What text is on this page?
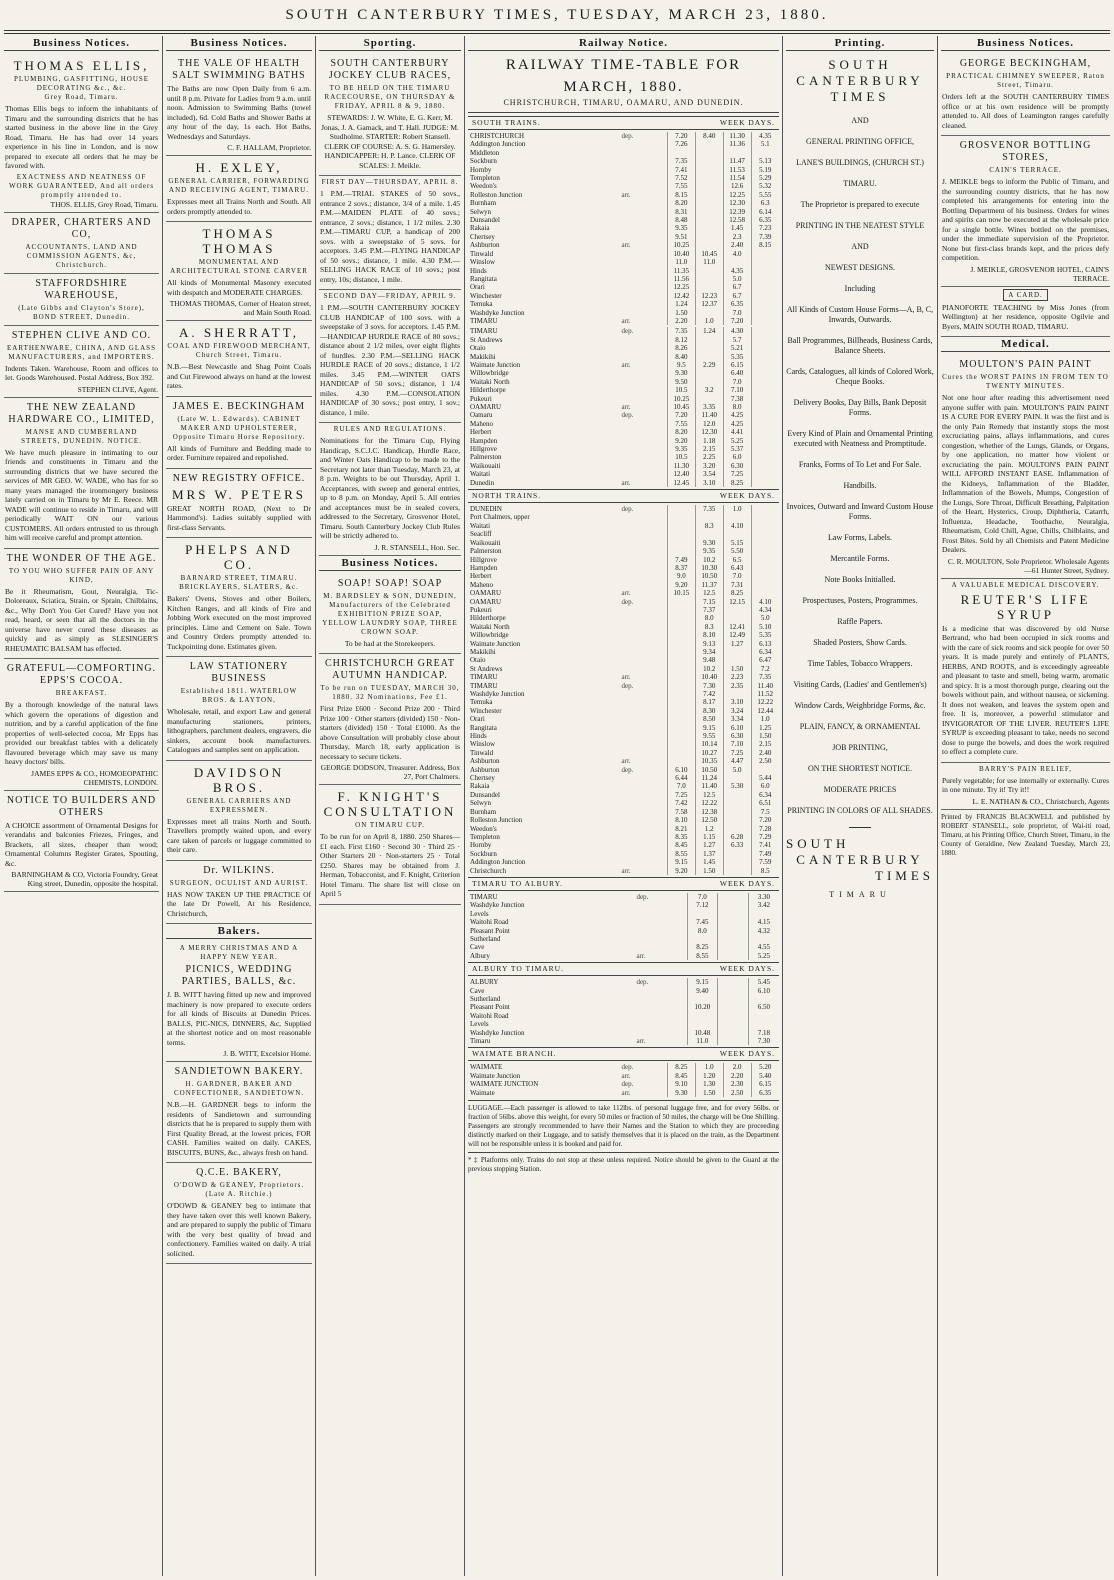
SOUTH CANTERBURY TIMES, TUESDAY, MARCH 23, 1880.
Business Notices.
THOMAS ELLIS,
PLUMBING, GASFITTING, HOUSE DECORATING &c., &c.
Grey Road, Timaru.
Thomas Ellis begs to inform the inhabitants of Timaru and the surrounding districts that he has started business in the above line in the Grey Road, Timaru. He has had over 14 years experience in his line in London, and is now prepared to execute all orders that he may be favored with.
EXACTNESS AND NEATNESS OF WORK GUARANTEED, And all orders promptly attended to.
THOS. ELLIS, Grey Road, Timaru.
DRAPER, CHARTERS AND CO,
ACCOUNTANTS, LAND AND COMMISSION AGENTS, &c, Christchurch.
STAFFORDSHIRE WAREHOUSE,
(Late Gibbs and Clayton's Store), BOND STREET, Dunedin.
STEPHEN CLIVE AND CO.
EARTHENWARE, CHINA, AND GLASS MANUFACTURERS, and IMPORTERS.
Indents Taken. Warehouse, Room and offices to let. Goods Warehoused. Postal Address, Box 392.
STEPHEN CLIVE, Agent.
THE NEW ZEALAND HARDWARE CO., LIMITED,
MANSE AND CUMBERLAND STREETS, DUNEDIN. NOTICE.
We have much pleasure in intimating to our friends and constituents in Timaru and the surrounding districts that we have secured the services of MR GEO. W. WADE, who has for so many years managed the ironmongery business lately carried on in Timaru by Mr E. Reece. MR WADE will continue to reside in Timaru, and will periodically WAIT ON our various CUSTOMERS. All orders entrusted to us through him will receive careful and prompt attention.
THE WONDER OF THE AGE.
TO YOU WHO SUFFER PAIN OF ANY KIND,
Be it Rheumatism, Gout, Neuralgia, Tic-Doloreaux, Sciatica, Strain, or Sprain, Chilblains, &c., Why Don't You Get Cured? Have you not read, heard, or seen that all the doctors in the universe have never cured these diseases as quickly and as simply as SLESINGER'S RHEUMATIC BALSAM has effected.
GRATEFUL—COMFORTING. EPPS'S COCOA.
BREAKFAST.
By a thorough knowledge of the natural laws which govern the operations of digestion and nutrition, and by a careful application of the fine properties of well-selected cocoa, Mr Epps has provided our breakfast tables with a delicately flavoured beverage which may save us many heavy doctors' bills.
JAMES EPPS & CO., HOMOEOPATHIC CHEMISTS, LONDON.
NOTICE TO BUILDERS AND OTHERS
A CHOICE assortment of Ornamental Designs for verandahs and balconies Friezes, Fringes, and Brackets, all sizes, cheaper than wood; Ornamental Columns Register Grates, Spouting, &c.
BARNINGHAM & CO, Victoria Foundry, Great King street, Dunedin, opposite the hospital.
Business Notices.
THE VALE OF HEALTH SALT SWIMMING BATHS
The Baths are now Open Daily from 6 a.m. until 8 p.m. Private for Ladies from 9 a.m. until noon. Admission to Swimming Baths (towel included), 6d. Cold Baths and Shower Baths at any hour of the day, 1s each. Hot Baths, Wednesdays and Saturdays.
C. F. HALLAM, Proprietor.
H. EXLEY,
GENERAL CARRIER, FORWARDING AND RECEIVING AGENT, TIMARU.
Expresses meet all Trains North and South. All orders promptly attended to.
THOMAS THOMAS
MONUMENTAL AND ARCHITECTURAL STONE CARVER
All kinds of Monumental Masonry executed with despatch and MODERATE CHARGES.
THOMAS THOMAS, Corner of Heaton street, and Main South Road.
A. SHERRATT,
COAL AND FIREWOOD MERCHANT, Church Street, Timaru.
N.B.—Best Newcastle and Shag Point Coals and Cut Firewood always on hand at the lowest rates.
JAMES E. BECKINGHAM
(Late W. L. Edwards). CABINET MAKER AND UPHOLSTERER, Opposite Timaru Horse Repository.
All kinds of Furniture and Bedding made to order. Furniture repaired and repolished.
NEW REGISTRY OFFICE.
MRS W. PETERS
GREAT NORTH ROAD, (Next to Dr Hammond's). Ladies suitably supplied with first-class Servants.
PHELPS AND CO.
BARNARD STREET, TIMARU. BRICKLAYERS, SLATERS, &c.
Bakers' Ovens, Stoves and other Boilers, Kitchen Ranges, and all kinds of Fire and Jobbing Work executed on the most improved principles. Lime and Cement on Sale. Town and Country Orders promptly attended to. Tuckpointing done. Estimates given.
LAW STATIONERY BUSINESS
Established 1811. WATERLOW BROS. & LAYTON,
Wholesale, retail, and export Law and general manufacturing stationers, printers, lithographers, parchment dealers, engravers, die sinkers, account book manufacturers. Catalogues and samples sent on application.
DAVIDSON BROS.
GENERAL CARRIERS AND EXPRESSMEN.
Expresses meet all trains North and South. Travellers promptly waited upon, and every care taken of parcels or luggage committed to their care.
Dr. WILKINS.
SURGEON, OCULIST AND AURIST.
HAS NOW TAKEN UP THE PRACTICE Of the late Dr Powell, At his Residence, Christchurch,
Bakers.
A MERRY CHRISTMAS AND A HAPPY NEW YEAR.
PICNICS, WEDDING PARTIES, BALLS, &c.
J. B. WITT having fitted up new and improved machinery is now prepared to execute orders for all kinds of Biscuits at Dunedin Prices. BALLS, PIC-NICS, DINNERS, &c, Supplied at the shortest notice and on most reasonable terms.
J. B. WITT, Excelsior Home.
SANDIETOWN BAKERY.
H. GARDNER, BAKER AND CONFECTIONER, SANDIETOWN.
N.B.—H. GARDNER begs to inform the residents of Sandietown and surrounding districts that he is prepared to supply them with First Quality Bread, at the lowest prices, FOR CASH. Families waited on daily. CAKES, BISCUITS, BUNS, &c., always fresh on hand.
Q.C.E. BAKERY,
O'DOWD & GEANEY, Proprietors. (Late A. Ritchie.)
O'DOWD & GEANEY beg to intimate that they have taken over this well known Bakery, and are prepared to supply the public of Timaru with the very best quality of bread and confectionery. Families waited on daily. A trial solicited.
Sporting.
SOUTH CANTERBURY JOCKEY CLUB RACES,
TO BE HELD ON THE TIMARU RACECOURSE, ON THURSDAY & FRIDAY, APRIL 8 & 9, 1880.
STEWARDS: J. W. White, E. G. Kerr, M. Jonas, J. A. Gamack, and T. Hall. JUDGE: M. Studholme. STARTER: Robert Stansell. CLERK OF COURSE: A. S. G. Hamersley. HANDICAPPER: H. P. Lance. CLERK OF SCALES: J. Meikle.
FIRST DAY—THURSDAY, APRIL 8.
1 P.M.—TRIAL STAKES of 50 sovs., entrance 2 sovs.; distance, 3/4 of a mile. 1.45 P.M.—MAIDEN PLATE of 40 sovs.; entrance, 2 sovs.; distance, 1 1/2 miles. 2.30 P.M.—TIMARU CUP, a handicap of 200 sovs. with a sweepstake of 5 sovs. for acceptors. 3.45 P.M.—FLYING HANDICAP of 50 sovs.; distance, 1 mile. 4.30 P.M.—SELLING HACK RACE of 10 sovs.; post entry, 10s; distance, 1 mile.
SECOND DAY—FRIDAY, APRIL 9.
1 P.M.—SOUTH CANTERBURY JOCKEY CLUB HANDICAP of 100 sovs. with a sweepstake of 3 sovs. for acceptors. 1.45 P.M.—HANDICAP HURDLE RACE of 80 sovs.; distance about 2 1/2 miles, over eight flights of hurdles. 2.30 P.M.—SELLING HACK HURDLE RACE of 20 sovs.; distance, 1 1/2 miles. 3.45 P.M.—WINTER OATS HANDICAP of 50 sovs.; distance, 1 1/4 miles. 4.30 P.M.—CONSOLATION HANDICAP of 30 sovs.; post entry, 1 sov.; distance, 1 mile.
RULES AND REGULATIONS.
Nominations for the Timaru Cup, Flying Handicap, S.C.J.C. Handicap, Hurdle Race, and Winter Oats Handicap to be made to the Secretary not later than Tuesday, March 23, at 8 p.m. Weights to be out Thursday, April 1. Acceptances, with sweep and general entries, up to 8 p.m. on Monday, April 5. All entries and acceptances must be in sealed covers, addressed to the Secretary, Grosvenor Hotel, Timaru. South Canterbury Jockey Club Rules will be strictly adhered to.
J. R. STANSELL, Hon. Sec.
Business Notices.
SOAP! SOAP! SOAP
M. BARDSLEY & SON, DUNEDIN, Manufacturers of the Celebrated EXHIBITION PRIZE SOAP, YELLOW LAUNDRY SOAP, THREE CROWN SOAP.
To be had at the Storekeepers.
CHRISTCHURCH GREAT AUTUMN HANDICAP.
To be run on TUESDAY, MARCH 30, 1880. 32 Nominations, Fee £1.
First Prize £600 · Second Prize 200 · Third Prize 100 · Other starters (divided) 150 · Non-starters (divided) 150 · Total £1000. As the above Consultation will probably close about Thursday, March 18, early application is necessary to secure tickets.
GEORGE DODSON, Treasurer. Address, Box 27, Port Chalmers.
F. KNIGHT'S CONSULTATION
ON TIMARU CUP.
To be run for on April 8, 1880. 250 Shares—£1 each. First £160 · Second 30 · Third 25 · Other Starters 20 · Non-starters 25 · Total £250. Shares may be obtained from J. Herman, Tobacconist, and F. Knight, Criterion Hotel Timaru. The share list will close on April 5
Railway Notice.
RAILWAY TIME-TABLE FOR MARCH, 1880.
CHRISTCHURCH, TIMARU, OAMARU, AND DUNEDIN.
SOUTH TRAINS.	WEEK DAYS.
CHRISTCHURCH	dep.	7.20	8.40	11.30	4.35
Addington Junction		7.26		11.36	5.1
Middleton					
Sockburn		7.35		11.47	5.13
Hornby		7.41		11.53	5.19
Templeton		7.52		11.54	5.29
Weedon's		7.55		12.6	5.32
Rolleston Junction	arr.	8.15		12.25	5.55
Burnham		8.20		12.30	6.3
Selwyn		8.31		12.39	6.14
Dunsandel		8.48		12.58	6.35
Rakaia		9.35		1.45	7.23
Chertsey		9.51		2.3	7.39
Ashburton	arr.	10.25		2.40	8.15
Tinwald		10.40	10.45	4.0	
Winslow		11.0	11.0		
Hinds		11.35		4.35	
Rangitata		11.56		5.0	
Orari		12.25		6.7	
Winchester		12.42	12.23	6.7	
Temuka		1.24	12.37	6.35	
Washdyke Junction		1.50		7.0	
TIMARU	arr.	2.20	1.0	7.20	
TIMARU	dep.	7.35	1.24	4.30	
St Andrews		8.12		5.7	
Otaio		8.26		5.21	
Makikihi		8.40		5.35	
Waimate Junction	arr.	9.5	2.29	6.15	
Willowbridge		9.30		6.40	
Waitaki North		9.50		7.0	
Hilderthorpe		10.5	3.2	7.10	
Pukeuri		10.25		7.38	
OAMARU	arr.	10.45	3.35	8.0	
Oamaru	dep.	7.20	11.40	4.25	
Maheno		7.55	12.0	4.25	
Herbert		8.20	12.30	4.41	
Hampden		9.20	1.18	5.25	
Hillgrove		9.35	2.15	5.37	
Palmerston		10.5	2.25	6.0	
Waikouaiti		11.30	3.20	6.30	
Waitati		12.40	3.54	7.25	
Dunedin	arr.	12.45	3.10	8.25	
NORTH TRAINS.	WEEK DAYS.
DUNEDIN	dep.		7.35	1.0	
Port Chalmers, upper					
Waitati			8.3	4.10	
Seacliff					
Waikouaiti			9.30	5.15	
Palmerston			9.35	5.50	
Hillgrove		7.49	10.2	6.5	
Hampden		8.37	10.30	6.43	
Herbert		9.0	10.50	7.0	
Maheno		9.20	11.37	7.31	
OAMARU	arr.	10.15	12.5	8.25	
OAMARU	dep.		7.15	12.15	4.10
Pukeuri			7.37		4.34
Hilderthorpe			8.0		5.0
Waitaki North			8.3	12.41	5.10
Willowbridge			8.10	12.49	5.35
Waimate Junction			9.13	1.27	6.13
Makikihi			9.34		6.34
Otaio			9.48		6.47
St Andrews			10.2	1.50	7.2
TIMARU	arr.		10.40	2.23	7.35
TIMARU	dep.		7.30	2.35	11.40
Washdyke Junction			7.42		11.52
Temuka			8.17	3.10	12.22
Winchester			8.30	3.24	12.44
Orari			8.50	3.34	1.0
Rangitata			9.15	6.10	1.25
Hinds			9.55	6.30	1.50
Winslow			10.14	7.10	2.15
Tinwald			10.27	7.25	2.40
Ashburton	arr.		10.35	4.47	2.50
Ashburton	dep.	6.10	10.50	5.0	
Chertsey		6.44	11.24		5.44
Rakaia		7.0	11.40	5.30	6.0
Dunsandel		7.25	12.5		6.34
Selwyn		7.42	12.22		6.51
Burnham		7.58	12.38		7.5
Rolleston Junction		8.10	12.50		7.20
Weedon's		8.21	1.2		7.28
Templeton		8.35	1.15	6.28	7.29
Hornby		8.45	1.27	6.33	7.41
Sockburn		8.55	1.37		7.49
Addington Junction		9.15	1.45		7.59
Christchurch	arr.	9.20	1.50		8.5
TIMARU TO ALBURY.	WEEK DAYS.
TIMARU	dep.	7.0		3.30
Washdyke Junction		7.12		3.42
Levels				
Waitohi Road		7.45		4.15
Pleasant Point		8.0		4.32
Sutherland				
Cave		8.25		4.55
Albury	arr.	8.55		5.25
ALBURY TO TIMARU.	WEEK DAYS.
ALBURY	dep.	9.15		5.45
Cave		9.40		6.10
Sutherland				
Pleasant Point		10.20		6.50
Waitohi Road				
Levels				
Washdyke Junction		10.48		7.18
Timaru	arr.	11.0		7.30
WAIMATE BRANCH.	WEEK DAYS.
WAIMATE	dep.	8.25	1.0	2.0	5.20
Waimate Junction	arr.	8.45	1.20	2.20	5.40
WAIMATE JUNCTION	dep.	9.10	1.30	2.30	6.15
Waimate	arr.	9.30	1.50	2.50	6.35
LUGGAGE.—Each passenger is allowed to take 112lbs. of personal luggage free, and for every 56lbs. or fraction of 56lbs. above this weight, for every 50 miles or fraction of 50 miles, the charge will be One Shilling. Passengers are strongly recommended to have their Names and the Station to which they are proceeding distinctly marked on their Luggage, and to satisfy themselves that it is placed on the train, as the Department will not be responsible unless it is booked and paid for.
* ‡ Platforms only. Trains do not stop at these unless required. Notice should be given to the Guard at the previous stopping Station.
Printing.
SOUTH CANTERBURY TIMES
AND
GENERAL PRINTING OFFICE,
LANE'S BUILDINGS, (CHURCH ST.)
TIMARU.
The Proprietor is prepared to execute
PRINTING IN THE NEATEST STYLE
AND
NEWEST DESIGNS.
Including
All Kinds of Custom House Forms—A, B, C, Inwards, Outwards.
Ball Programmes, Billheads, Business Cards, Balance Sheets.
Cards, Catalogues, all kinds of Colored Work, Cheque Books.
Delivery Books, Day Bills, Bank Deposit Forms.
Every Kind of Plain and Ornamental Printing executed with Neatness and Promptitude.
Franks, Forms of To Let and For Sale.
Handbills.
Invoices, Outward and Inward Custom House Forms.
Law Forms, Labels.
Mercantile Forms.
Note Books Initialled.
Prospectuses, Posters, Programmes.
Raffle Papers.
Shaded Posters, Show Cards.
Time Tables, Tobacco Wrappers.
Visiting Cards, (Ladies' and Gentlemen's)
Window Cards, Weighbridge Forms, &c.
PLAIN, FANCY, & ORNAMENTAL
JOB PRINTING,
ON THE SHORTEST NOTICE.
MODERATE PRICES
PRINTING IN COLORS OF ALL SHADES.
SOUTH
CANTERBURY
TIMES
TIMARU
Business Notices.
GEORGE BECKINGHAM,
PRACTICAL CHIMNEY SWEEPER, Raton Street, Timaru.
Orders left at the SOUTH CANTERBURY TIMES office or at his own residence will be promptly attended to. All does of Leamington ranges carefully cleaned.
GROSVENOR BOTTLING STORES,
CAIN'S TERRACE.
J. MEIKLE begs to inform the Public of Timaru, and the surrounding country districts, that he has now completed his arrangements for entering into the Bottling Department of his business. Orders for wines and spirits can now be executed at the wholesale price for a single bottle. Wines bottled on the premises, under the immediate supervision of the Proprietor. None but first-class brands kept, and the prices defy competition.
J. MEIKLE, GROSVENOR HOTEL, CAIN'S TERRACE.
A CARD.
PIANOFORTE TEACHING by Miss Jones (from Wellington) at her residence, opposite Ogilvie and Byers, MAIN SOUTH ROAD, TIMARU.
Medical.
MOULTON'S PAIN PAINT
Cures the WORST PAINS IN FROM TEN TO TWENTY MINUTES.
Not one hour after reading this advertisement need anyone suffer with pain. MOULTON'S PAIN PAINT IS A CURE FOR EVERY PAIN. It was the first and is the only Pain Remedy that instantly stops the most excruciating pains, allays inflammations, and cures congestion, whether of the Lungs, Glands, or Organs, by one application, no matter how violent or excruciating the pain. MOULTON'S PAIN PAINT WILL AFFORD INSTANT EASE. Inflammation of the Kidneys, Inflammation of the Bladder, Inflammation of the Bowels, Mumps, Congestion of the Lungs, Sore Throat, Difficult Breathing, Palpitation of the Heart, Hysterics, Croup, Diphtheria, Catarrh, Influenza, Headache, Toothache, Neuralgia, Rheumatism, Cold Chill, Ague, Chills, Chilblains, and Frost Bites. Sold by all Chemists and Patent Medicine Dealers.
C. R. MOULTON, Sole Proprietor. Wholesale Agents—61 Hunter Street, Sydney.
A VALUABLE MEDICAL DISCOVERY.
REUTER'S LIFE SYRUP
Is a medicine that was discovered by old Nurse Bertrand, who had been occupied in sick rooms and with the care of sick rooms and sick people for over 50 years. It is made purely and entirely of PLANTS, HERBS, AND ROOTS, and is exceedingly agreeable and pleasant to taste and smell, being warm, aromatic and spicy. It is a most thorough purge, clearing out the bowels without pain, and without nausea, or sickening. It does not weaken, and leaves the system open and free. It is, moreover, a powerful stimulator and INVIGORATOR OF THE LIVER. REUTER'S LIFE SYRUP is exceeding pleasant to take, needs no second dose to purge the bowels, and does the work required to effect a complete cure.
BARRY'S PAIN RELIEF,
Purely vegetable; for use internally or externally. Cures in one minute. Try it! Try it!!
L. E. NATHAN & CO., Christchurch, Agents
Printed by FRANCIS BLACKWELL and published by ROBERT STANSELL, sole proprietor, of Wai-iti road, Timaru, at his Printing Office, Church Street, Timaru, in the County of Geraldine, New Zealand Tuesday, March 23, 1880.
